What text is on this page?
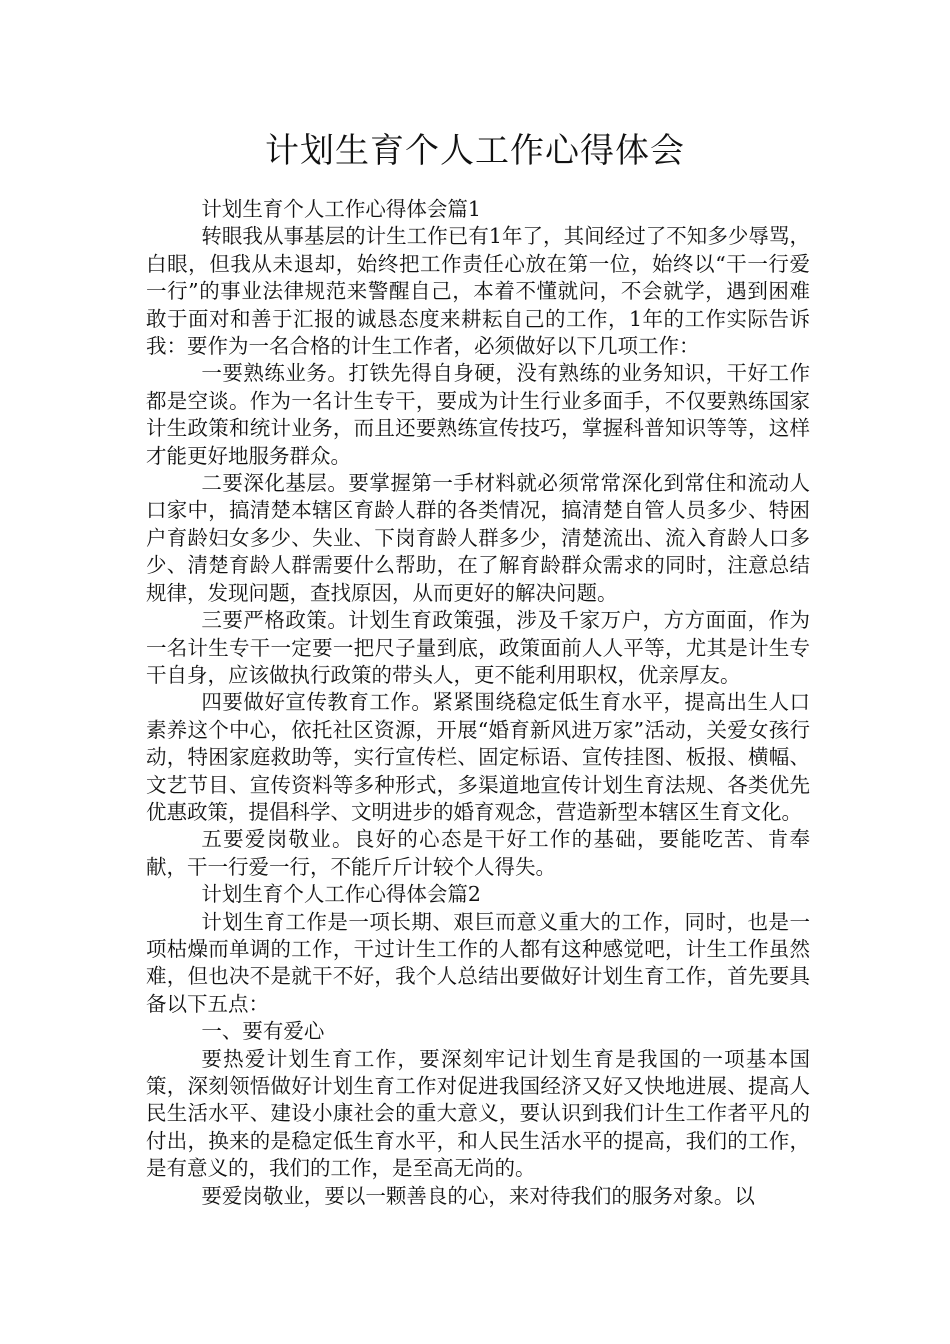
计划生育个人工作心得体会

计划生育个人工作心得体会篇1

转眼我从事基层的计生工作已有1年了，其间经过了不知多少辱骂，白眼，但我从未退却，始终把工作责任心放在第一位，始终以“干一行爱一行”的事业法律规范来警醒自己，本着不懂就问，不会就学，遇到困难敢于面对和善于汇报的诚恳态度来耕耘自己的工作，1年的工作实际告诉我：要作为一名合格的计生工作者，必须做好以下几项工作：

一要熟练业务。打铁先得自身硬，没有熟练的业务知识，干好工作都是空谈。作为一名计生专干，要成为计生行业多面手，不仅要熟练国家计生政策和统计业务，而且还要熟练宣传技巧，掌握科普知识等等，这样才能更好地服务群众。

二要深化基层。要掌握第一手材料就必须常常深化到常住和流动人口家中，搞清楚本辖区育龄人群的各类情况，搞清楚自管人员多少、特困户育龄妇女多少、失业、下岗育龄人群多少，清楚流出、流入育龄人口多少、清楚育龄人群需要什么帮助，在了解育龄群众需求的同时，注意总结规律，发现问题，查找原因，从而更好的解决问题。

三要严格政策。计划生育政策强，涉及千家万户，方方面面，作为一名计生专干一定要一把尺子量到底，政策面前人人平等，尤其是计生专干自身，应该做执行政策的带头人，更不能利用职权，优亲厚友。

四要做好宣传教育工作。紧紧围绕稳定低生育水平，提高出生人口素养这个中心，依托社区资源，开展“婚育新风进万家”活动，关爱女孩行动，特困家庭救助等，实行宣传栏、固定标语、宣传挂图、板报、横幅、文艺节目、宣传资料等多种形式，多渠道地宣传计划生育法规、各类优先优惠政策，提倡科学、文明进步的婚育观念，营造新型本辖区生育文化。

五要爱岗敬业。良好的心态是干好工作的基础，要能吃苦、肯奉献，干一行爱一行，不能斤斤计较个人得失。

计划生育个人工作心得体会篇2

计划生育工作是一项长期、艰巨而意义重大的工作，同时，也是一项枯燥而单调的工作，干过计生工作的人都有这种感觉吧，计生工作虽然难，但也决不是就干不好，我个人总结出要做好计划生育工作，首先要具备以下五点：

一、要有爱心

要热爱计划生育工作，要深刻牢记计划生育是我国的一项基本国策，深刻领悟做好计划生育工作对促进我国经济又好又快地进展、提高人民生活水平、建设小康社会的重大意义，要认识到我们计生工作者平凡的付出，换来的是稳定低生育水平，和人民生活水平的提高，我们的工作，是有意义的，我们的工作，是至高无尚的。

要爱岗敬业，要以一颗善良的心，来对待我们的服务对象。以
